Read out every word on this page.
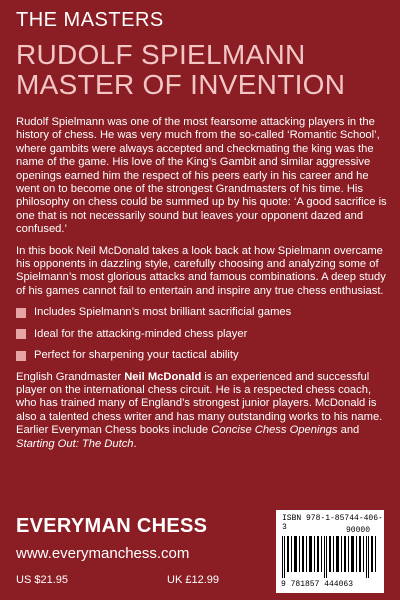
THE MASTERS
RUDOLF SPIELMANN
MASTER OF INVENTION

Rudolf Spielmann was one of the most fearsome attacking players in the history of chess. He was very much from the so-called ‘Romantic School’, where gambits were always accepted and checkmating the king was the name of the game. His love of the King’s Gambit and similar aggressive openings earned him the respect of his peers early in his career and he went on to become one of the strongest Grandmasters of his time. His philosophy on chess could be summed up by his quote: ‘A good sacrifice is one that is not necessarily sound but leaves your opponent dazed and confused.’

In this book Neil McDonald takes a look back at how Spielmann overcame his opponents in dazzling style, carefully choosing and analyzing some of Spielmann’s most glorious attacks and famous combinations. A deep study of his games cannot fail to entertain and inspire any true chess enthusiast.

Includes Spielmann’s most brilliant sacrificial games
Ideal for the attacking-minded chess player
Perfect for sharpening your tactical ability

English Grandmaster Neil McDonald is an experienced and successful player on the international chess circuit. He is a respected chess coach, who has trained many of England’s strongest junior players. McDonald is also a talented chess writer and has many outstanding works to his name. Earlier Everyman Chess books include Concise Chess Openings and Starting Out: The Dutch.

EVERYMAN CHESS
www.everymanchess.com
US $21.95	UK £12.99
ISBN 978-1-85744-406-3	90000
9 781857 444063
